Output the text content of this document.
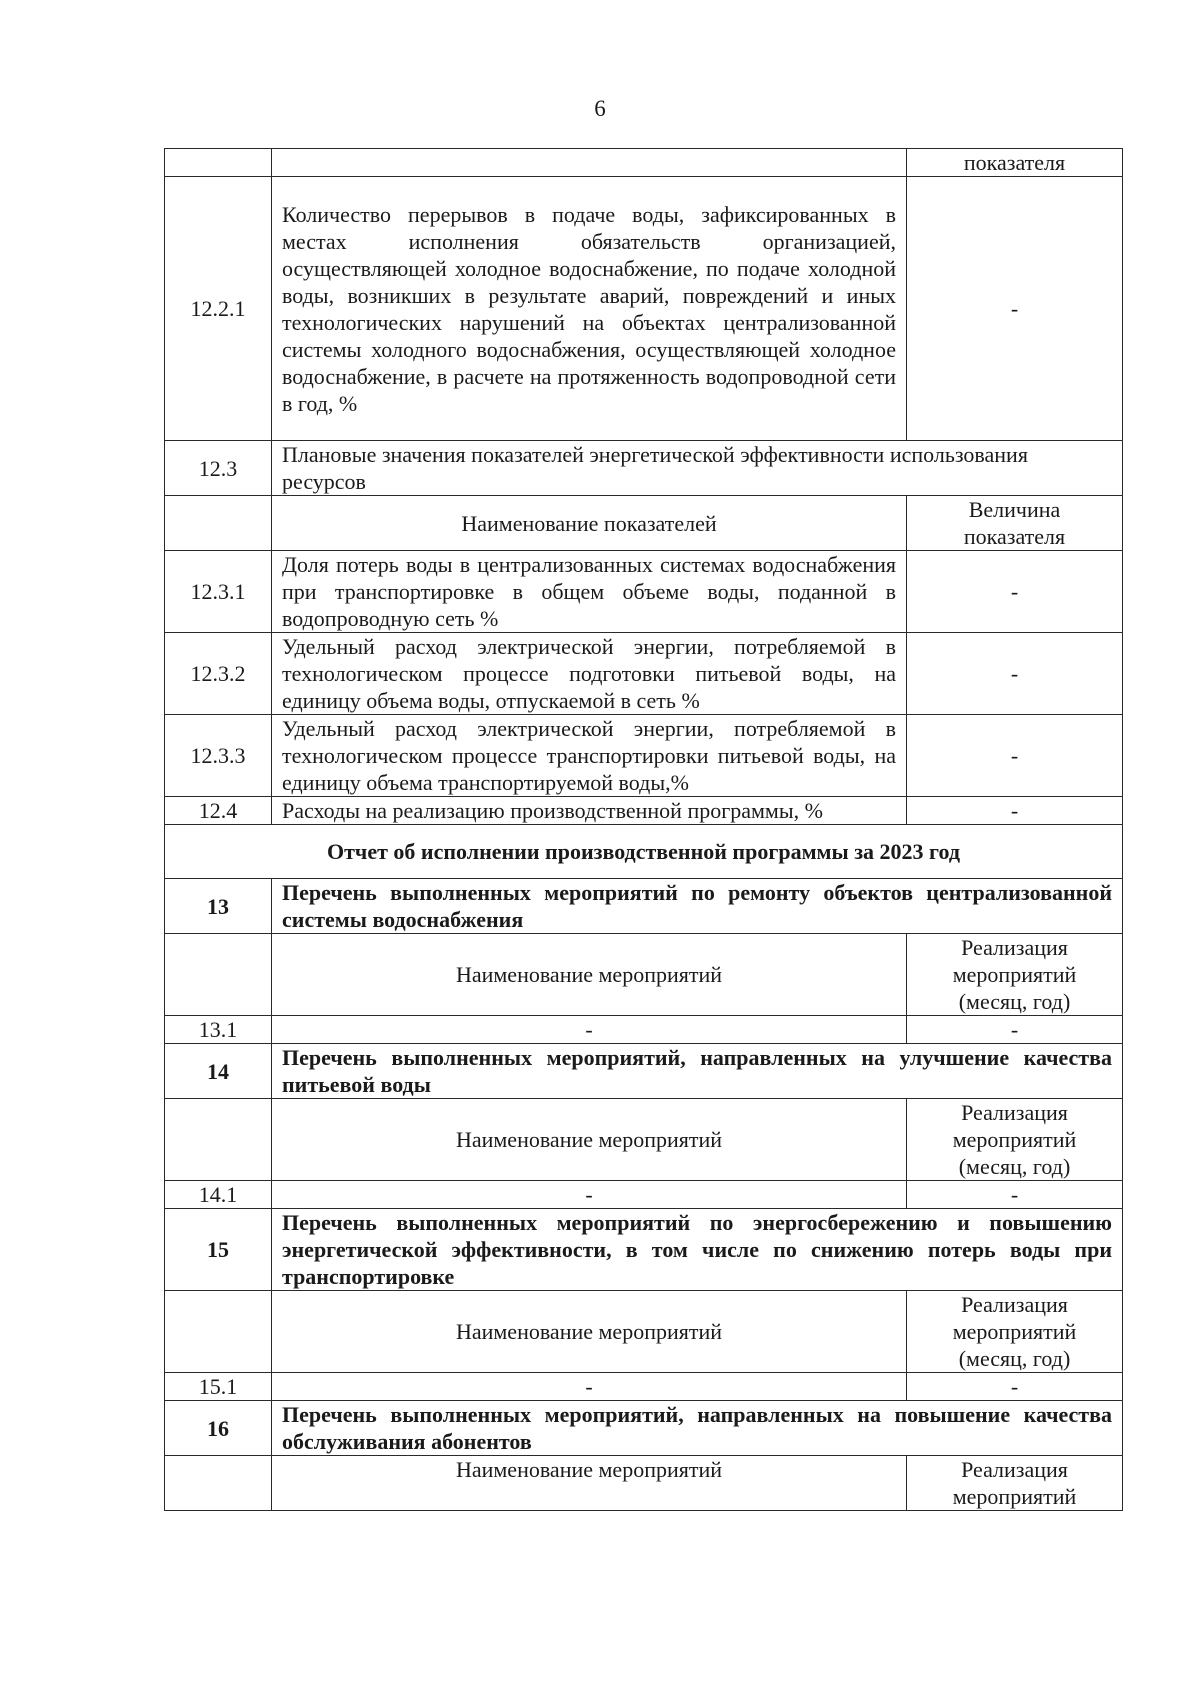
6
		показателя
12.2.1	Количество перерывов в подаче воды, зафиксированных в местах исполнения обязательств организацией, осуществляющей холодное водоснабжение, по подаче холодной воды, возникших в результате аварий, повреждений и иных технологических нарушений на объектах централизованной системы холодного водоснабжения, осуществляющей холодное водоснабжение, в расчете на протяженность водопроводной сети в год, %	-
12.3	Плановые значения показателей энергетической эффективности использования ресурсов	
	Наименование показателей	Величина показателя
12.3.1	Доля потерь воды в централизованных системах водоснабжения при транспортировке в общем объеме воды, поданной в водопроводную сеть %	-
12.3.2	Удельный расход электрической энергии, потребляемой в технологическом процессе подготовки питьевой воды, на единицу объема воды, отпускаемой в сеть %	-
12.3.3	Удельный расход электрической энергии, потребляемой в технологическом процессе транспортировки питьевой воды, на единицу объема транспортируемой воды,%	-
12.4	Расходы на реализацию производственной программы, %	-
Отчет об исполнении производственной программы за 2023 год		
13	Перечень выполненных мероприятий по ремонту объектов централизованной системы водоснабжения	
	Наименование мероприятий	Реализация мероприятий (месяц, год)
13.1	-	-
14	Перечень выполненных мероприятий, направленных на улучшение качества питьевой воды	
	Наименование мероприятий	Реализация мероприятий (месяц, год)
14.1	-	-
15	Перечень выполненных мероприятий по энергосбережению и повышению энергетической эффективности, в том числе по снижению потерь воды при транспортировке	
	Наименование мероприятий	Реализация мероприятий (месяц, год)
15.1	-	-
16	Перечень выполненных мероприятий, направленных на повышение качества обслуживания абонентов	
	Наименование мероприятий	Реализация мероприятий
